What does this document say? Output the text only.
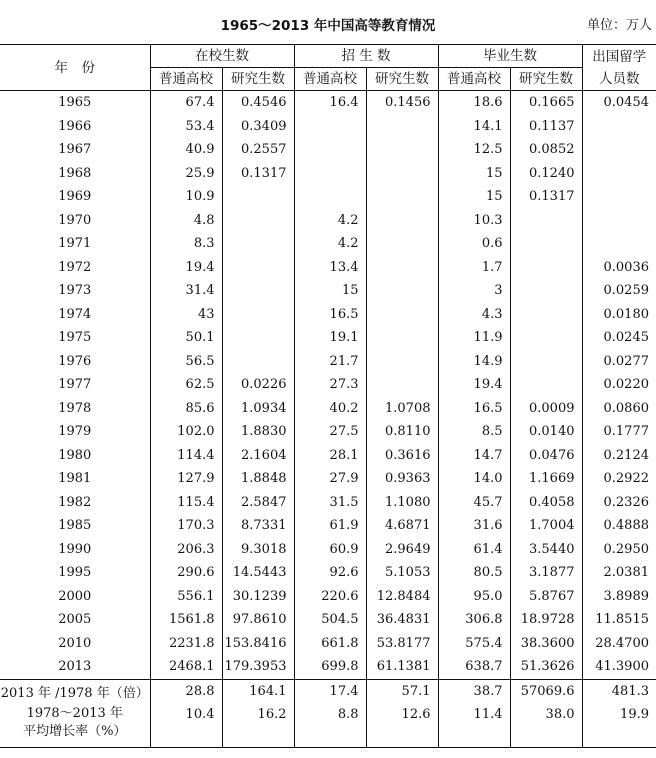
1965～2013 年中国高等教育情况	单位：万人
年　份	在校生数		招 生 数		毕业生数		出国留学人员数
	普通高校	研究生数	普通高校	研究生数	普通高校	研究生数	
1965	67.4	0.4546	16.4	0.1456	18.6	0.1665	0.0454
1966	53.4	0.3409			14.1	0.1137	
1967	40.9	0.2557			12.5	0.0852	
1968	25.9	0.1317			15	0.1240	
1969	10.9				15	0.1317	
1970	4.8		4.2		10.3		
1971	8.3		4.2		0.6		
1972	19.4		13.4		1.7		0.0036
1973	31.4		15		3		0.0259
1974	43		16.5		4.3		0.0180
1975	50.1		19.1		11.9		0.0245
1976	56.5		21.7		14.9		0.0277
1977	62.5	0.0226	27.3		19.4		0.0220
1978	85.6	1.0934	40.2	1.0708	16.5	0.0009	0.0860
1979	102.0	1.8830	27.5	0.8110	8.5	0.0140	0.1777
1980	114.4	2.1604	28.1	0.3616	14.7	0.0476	0.2124
1981	127.9	1.8848	27.9	0.9363	14.0	1.1669	0.2922
1982	115.4	2.5847	31.5	1.1080	45.7	0.4058	0.2326
1985	170.3	8.7331	61.9	4.6871	31.6	1.7004	0.4888
1990	206.3	9.3018	60.9	2.9649	61.4	3.5440	0.2950
1995	290.6	14.5443	92.6	5.1053	80.5	3.1877	2.0381
2000	556.1	30.1239	220.6	12.8484	95.0	5.8767	3.8989
2005	1561.8	97.8610	504.5	36.4831	306.8	18.9728	11.8515
2010	2231.8	153.8416	661.8	53.8177	575.4	38.3600	28.4700
2013	2468.1	179.3953	699.8	61.1381	638.7	51.3626	41.3900
2013 年 /1978 年（倍）	28.8	164.1	17.4	57.1	38.7	57069.6	481.3

1978～2013 年
平均增长率（%）	10.4	16.2	8.8	12.6	11.4	38.0	19.9
